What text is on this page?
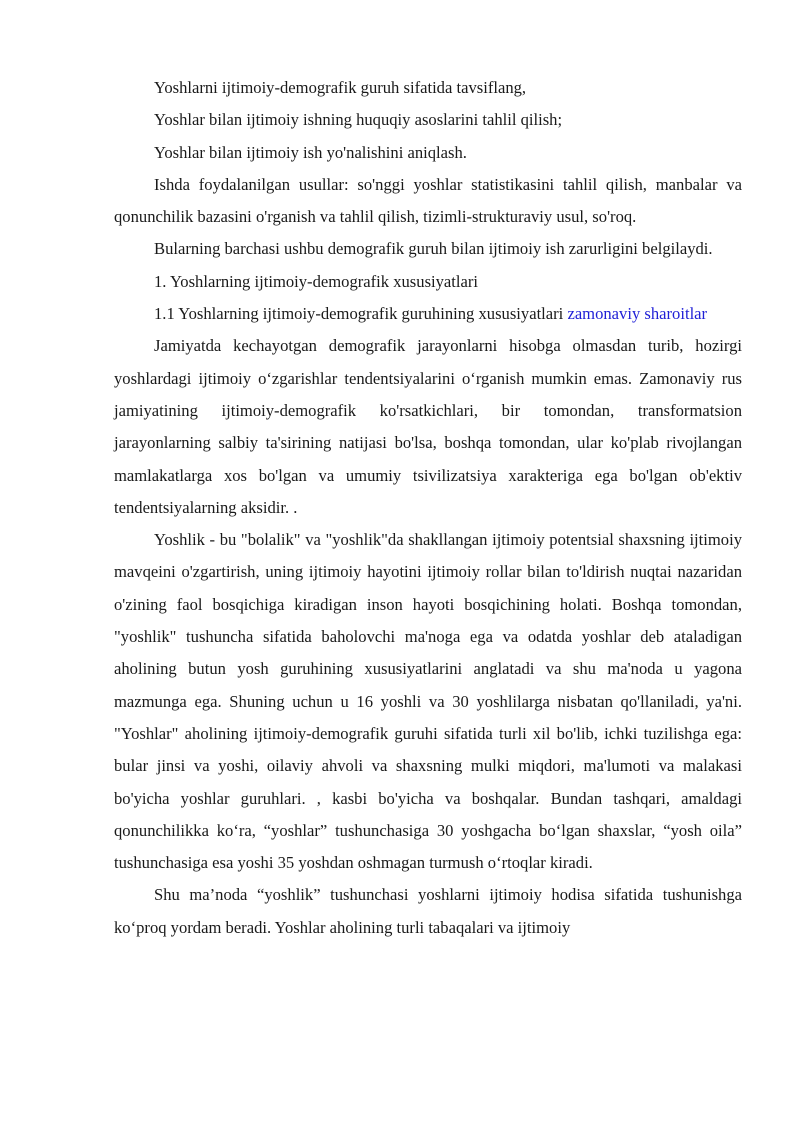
Yoshlarni ijtimoiy-demografik guruh sifatida tavsiflang,

Yoshlar bilan ijtimoiy ishning huquqiy asoslarini tahlil qilish;

Yoshlar bilan ijtimoiy ish yo'nalishini aniqlash.

Ishda foydalanilgan usullar: so'nggi yoshlar statistikasini tahlil qilish, manbalar va qonunchilik bazasini o'rganish va tahlil qilish, tizimli-strukturaviy usul, so'roq.

Bularning barchasi ushbu demografik guruh bilan ijtimoiy ish zarurligini belgilaydi.

1. Yoshlarning ijtimoiy-demografik xususiyatlari

1.1 Yoshlarning ijtimoiy-demografik guruhining xususiyatlari zamonaviy sharoitlar

Jamiyatda kechayotgan demografik jarayonlarni hisobga olmasdan turib, hozirgi yoshlardagi ijtimoiy o‘zgarishlar tendentsiyalarini o‘rganish mumkin emas. Zamonaviy rus jamiyatining ijtimoiy-demografik ko'rsatkichlari, bir tomondan, transformatsion jarayonlarning salbiy ta'sirining natijasi bo'lsa, boshqa tomondan, ular ko'plab rivojlangan mamlakatlarga xos bo'lgan va umumiy tsivilizatsiya xarakteriga ega bo'lgan ob'ektiv tendentsiyalarning aksidir. .

Yoshlik - bu "bolalik" va "yoshlik"da shakllangan ijtimoiy potentsial shaxsning ijtimoiy mavqeini o'zgartirish, uning ijtimoiy hayotini ijtimoiy rollar bilan to'ldirish nuqtai nazaridan o'zining faol bosqichiga kiradigan inson hayoti bosqichining holati. Boshqa tomondan, "yoshlik" tushuncha sifatida baholovchi ma'noga ega va odatda yoshlar deb ataladigan aholining butun yosh guruhining xususiyatlarini anglatadi va shu ma'noda u yagona mazmunga ega. Shuning uchun u 16 yoshli va 30 yoshlilarga nisbatan qo'llaniladi, ya'ni. "Yoshlar" aholining ijtimoiy-demografik guruhi sifatida turli xil bo'lib, ichki tuzilishga ega: bular jinsi va yoshi, oilaviy ahvoli va shaxsning mulki miqdori, ma'lumoti va malakasi bo'yicha yoshlar guruhlari. , kasbi bo'yicha va boshqalar. Bundan tashqari, amaldagi qonunchilikka ko‘ra, “yoshlar” tushunchasiga 30 yoshgacha bo‘lgan shaxslar, “yosh oila” tushunchasiga esa yoshi 35 yoshdan oshmagan turmush o‘rtoqlar kiradi.

Shu ma’noda “yoshlik” tushunchasi yoshlarni ijtimoiy hodisa sifatida tushunishga ko‘proq yordam beradi. Yoshlar aholining turli tabaqalari va ijtimoiy
